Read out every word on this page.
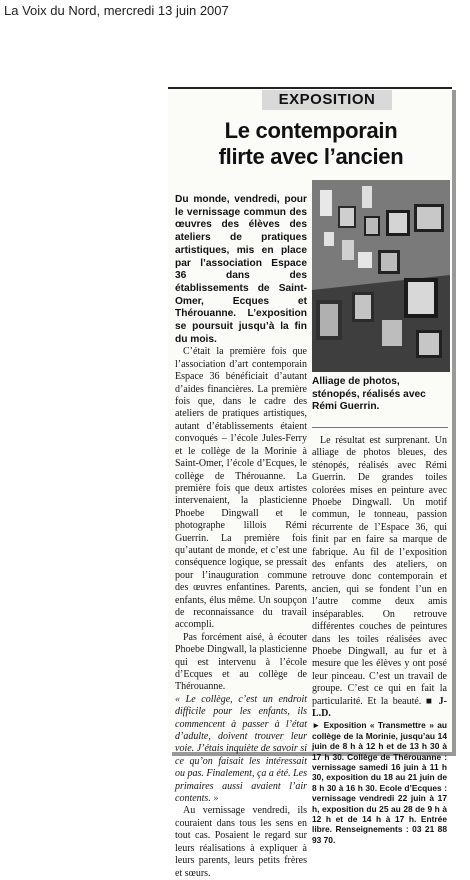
La Voix du Nord, mercredi 13 juin 2007
EXPOSITION
Le contemporain
flirte avec l’ancien
Alliage de photos, sténopés, réalisés avec Rémi Guerrin.

Du monde, vendredi, pour le vernissage commun des œuvres des élèves des ateliers de pratiques artistiques, mis en place par l’association Espace 36 dans des établissements de Saint-Omer, Ecques et Thérouanne. L’exposition se poursuit jusqu’à la fin du mois.

C’était la première fois que l’association d’art contemporain Espace 36 bénéficiait d’autant d’aides financières. La première fois que, dans le cadre des ateliers de pratiques artistiques, autant d’établissements étaient convoqués – l’école Jules-Ferry et le collège de la Morinie à Saint-Omer, l’école d’Ecques, le collège de Thérouanne. La première fois que deux artistes intervenaient, la plasticienne Phoebe Dingwall et le photographe lillois Rémi Guerrin. La première fois qu’autant de monde, et c’est une conséquence logique, se pressait pour l’inauguration commune des œuvres enfantines. Parents, enfants, élus même. Un soupçon de reconnaissance du travail accompli.

Pas forcément aisé, à écouter Phoebe Dingwall, la plasticienne qui est intervenu à l’école d’Ecques et au collège de Thérouanne.

« Le collège, c’est un endroit difficile pour les enfants, ils commencent à passer à l’état d’adulte, doivent trouver leur voie. J’étais inquiète de savoir si ce qu’on faisait les intéressait ou pas. Finalement, ça a été. Les primaires aussi avaient l’air contents. »

Au vernissage vendredi, ils couraient dans tous les sens en tout cas. Posaient le regard sur leurs réalisations à expliquer à leurs parents, leurs petits frères et sœurs.

Le résultat est surprenant. Un alliage de photos bleues, des sténopés, réalisés avec Rémi Guerrin. De grandes toiles colorées mises en peinture avec Phoebe Dingwall. Un motif commun, le tonneau, passion récurrente de l’Espace 36, qui finit par en faire sa marque de fabrique. Au fil de l’exposition des enfants des ateliers, on retrouve donc contemporain et ancien, qui se fondent l’un en l’autre comme deux amis inséparables. On retrouve différentes couches de peintures dans les toiles réalisées avec Phoebe Dingwall, au fur et à mesure que les élèves y ont posé leur pinceau. C’est un travail de groupe. C’est ce qui en fait la particularité. Et la beauté. ■ J-L.D.

► Exposition « Transmettre » au collège de la Morinie, jusqu’au 14 juin de 8 h à 12 h et de 13 h 30 à 17 h 30. Collège de Thérouanne : vernissage samedi 16 juin à 11 h 30, exposition du 18 au 21 juin de 8 h 30 à 16 h 30. Ecole d’Ecques : vernissage vendredi 22 juin à 17 h, exposition du 25 au 28 de 9 h à 12 h et de 14 h à 17 h. Entrée libre. Renseignements : 03 21 88 93 70.
